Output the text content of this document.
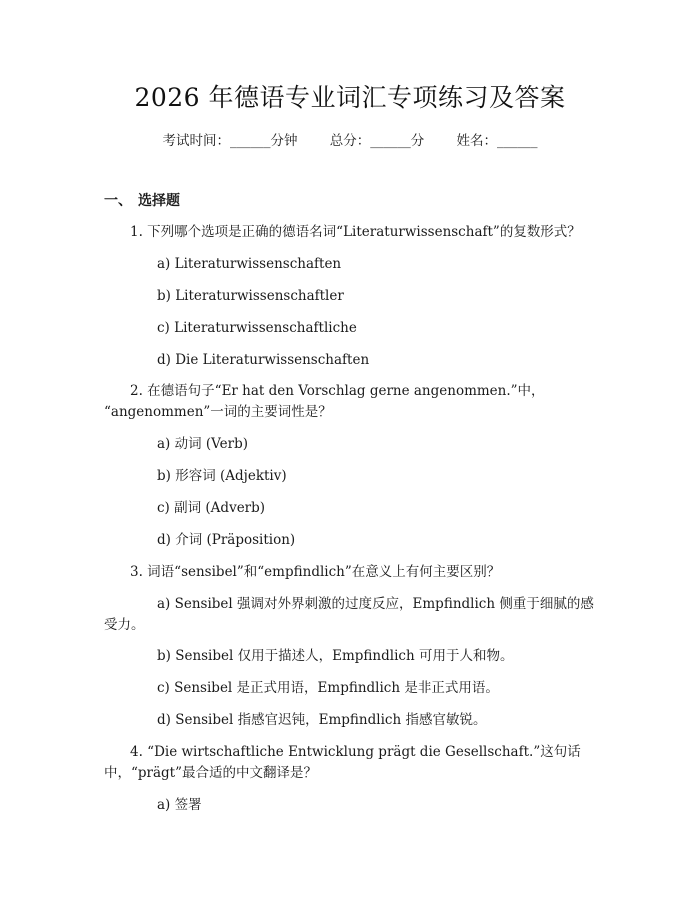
2026 年德语专业词汇专项练习及答案
考试时间：______分钟 总分：______分 姓名：______
一、 选择题
1. 下列哪个选项是正确的德语名词“Literaturwissenschaft”的复数形式？
a) Literaturwissenschaften
b) Literaturwissenschaftler
c) Literaturwissenschaftliche
d) Die Literaturwissenschaften
2. 在德语句子“Er hat den Vorschlag gerne angenommen.”中，
“angenommen”一词的主要词性是？
a) 动词 (Verb)
b) 形容词 (Adjektiv)
c) 副词 (Adverb)
d) 介词 (Präposition)
3. 词语“sensibel”和“empfindlich”在意义上有何主要区别？
a) Sensibel 强调对外界刺激的过度反应，Empfindlich 侧重于细腻的感
受力。
b) Sensibel 仅用于描述人，Empfindlich 可用于人和物。
c) Sensibel 是正式用语，Empfindlich 是非正式用语。
d) Sensibel 指感官迟钝，Empfindlich 指感官敏锐。
4. “Die wirtschaftliche Entwicklung prägt die Gesellschaft.”这句话
中，“prägt”最合适的中文翻译是？
a) 签署
